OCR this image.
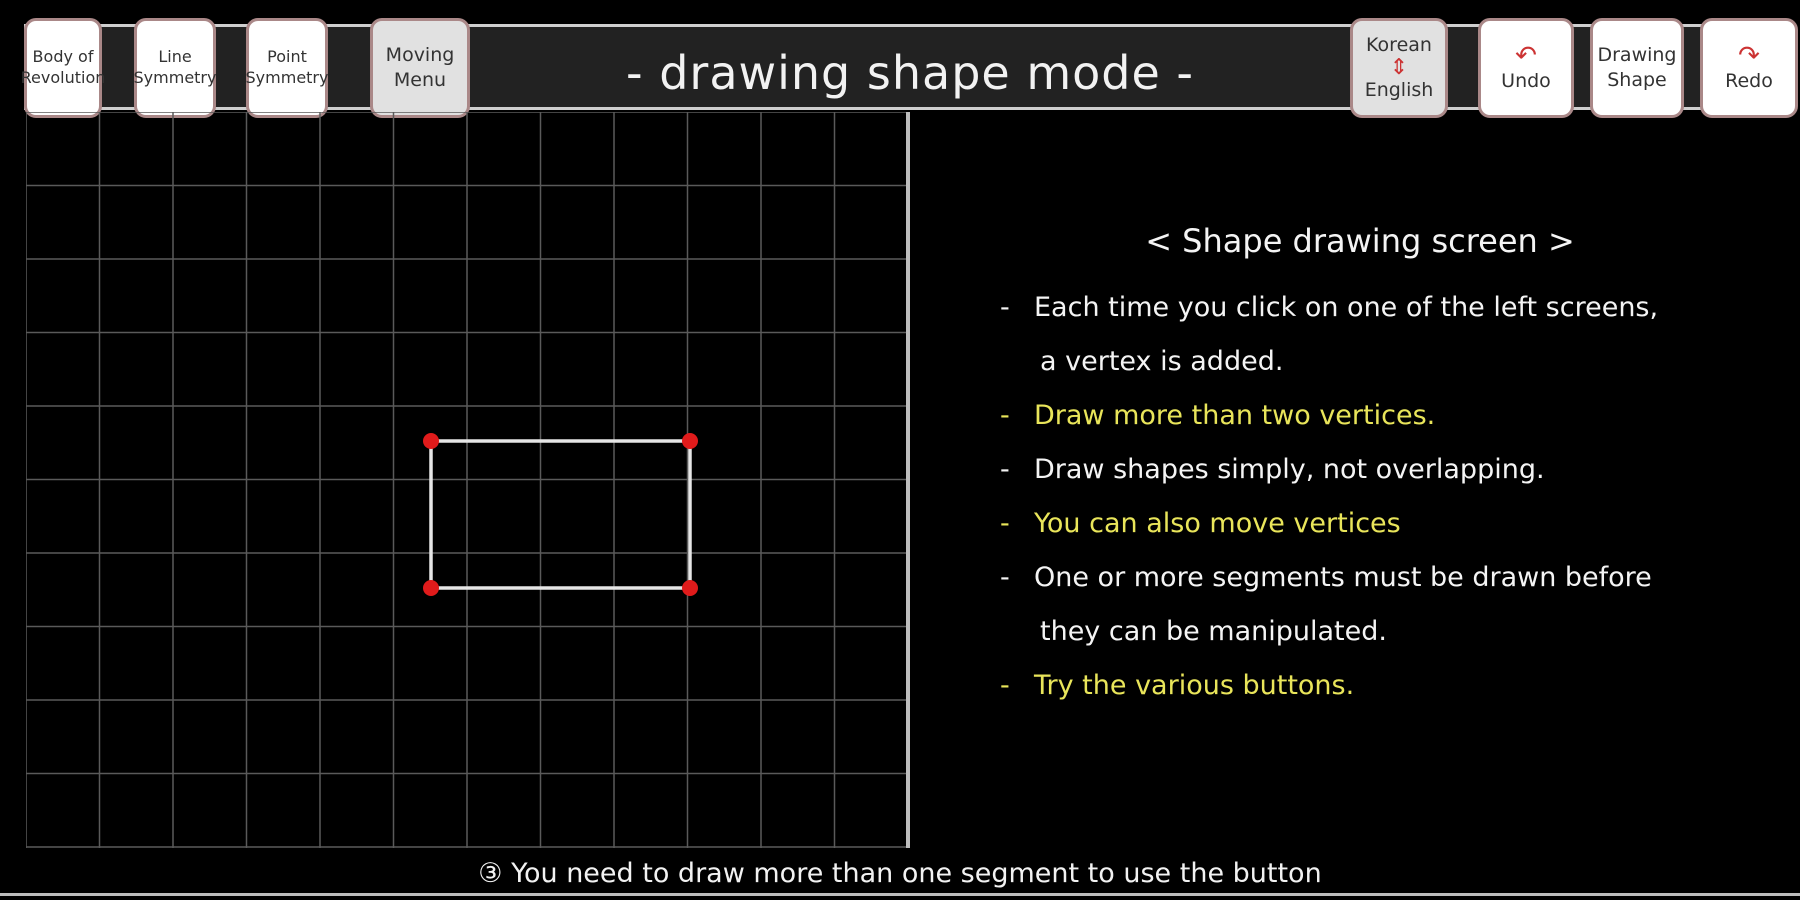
- drawing shape mode -
Body of
Revolution
Line
Symmetry
Point
Symmetry
Moving
Menu
Korean
⇕
English
↶
Undo
Drawing
Shape
↷
Redo
< Shape drawing screen >
- Each time you click on one of the left screens,
a vertex is added.
- Draw more than two vertices.
- Draw shapes simply, not overlapping.
- You can also move vertices
- One or more segments must be drawn before
they can be manipulated.
- Try the various buttons.
③ You need to draw more than one segment to use the button
